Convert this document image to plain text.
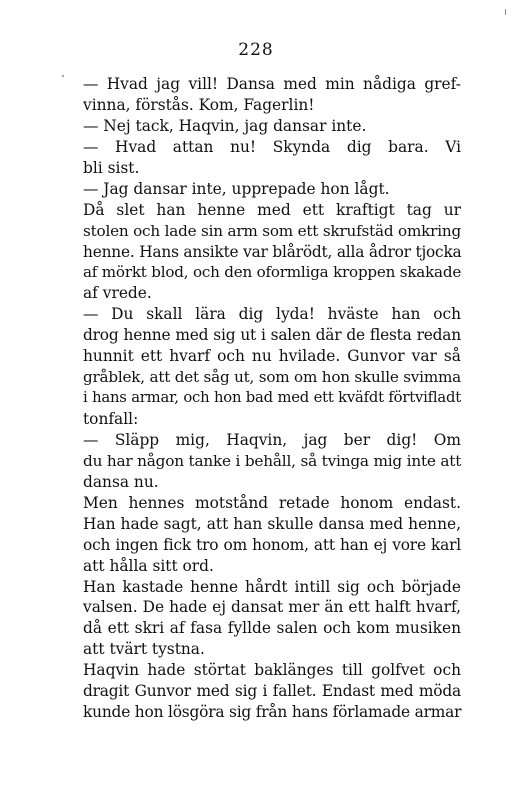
228
— Hvad jag vill! Dansa med min nådiga gref-
vinna, förstås. Kom, Fagerlin!
— Nej tack, Haqvin, jag dansar inte.
— Hvad attan nu! Skynda dig bara. Vi
bli sist.
— Jag dansar inte, upprepade hon lågt.
Då slet han henne med ett kraftigt tag ur
stolen och lade sin arm som ett skrufstäd omkring
henne. Hans ansikte var blårödt, alla ådror tjocka
af mörkt blod, och den oformliga kroppen skakade
af vrede.
— Du skall lära dig lyda! hväste han och
drog henne med sig ut i salen där de flesta redan
hunnit ett hvarf och nu hvilade. Gunvor var så
gråblek, att det såg ut, som om hon skulle svimma
i hans armar, och hon bad med ett kväfdt förtvifladt
tonfall:
— Släpp mig, Haqvin, jag ber dig! Om
du har någon tanke i behåll, så tvinga mig inte att
dansa nu.
Men hennes motstånd retade honom endast.
Han hade sagt, att han skulle dansa med henne,
och ingen fick tro om honom, att han ej vore karl
att hålla sitt ord.
Han kastade henne hårdt intill sig och började
valsen. De hade ej dansat mer än ett halft hvarf,
då ett skri af fasa fyllde salen och kom musiken
att tvärt tystna.
Haqvin hade störtat baklänges till golfvet och
dragit Gunvor med sig i fallet. Endast med möda
kunde hon lösgöra sig från hans förlamade armar
